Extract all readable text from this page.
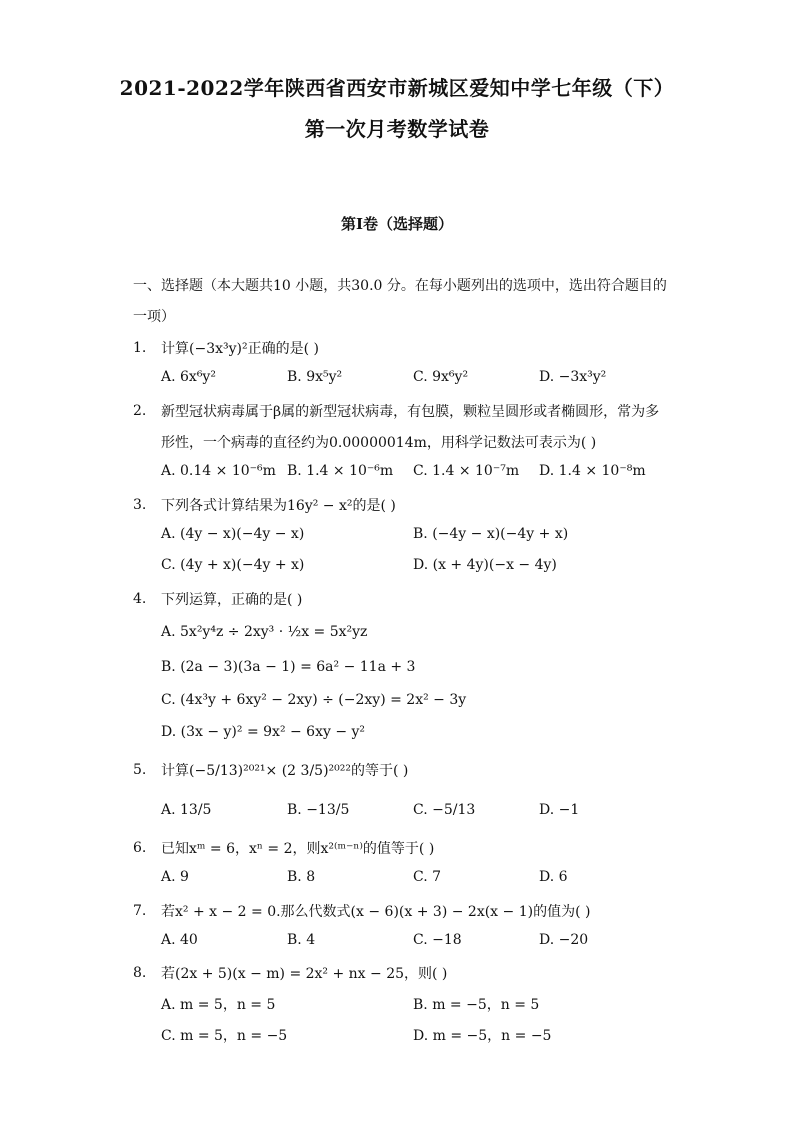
2021-2022学年陕西省西安市新城区爱知中学七年级（下）
第一次月考数学试卷
第I卷（选择题）
一、选择题（本大题共10 小题，共30.0 分。在每小题列出的选项中，选出符合题目的
一项）
1. 计算(−3x³y)²正确的是( )
A. 6x⁶y²	B. 9x⁵y²	C. 9x⁶y²	D. −3x³y²
2. 新型冠状病毒属于β属的新型冠状病毒，有包膜，颗粒呈圆形或者椭圆形，常为多
形性，一个病毒的直径约为0.00000014m，用科学记数法可表示为( )
A. 0.14 × 10⁻⁶m B. 1.4 × 10⁻⁶m C. 1.4 × 10⁻⁷m D. 1.4 × 10⁻⁸m
3. 下列各式计算结果为16y² − x²的是( )
A. (4y − x)(−4y − x)	B. (−4y − x)(−4y + x)
C. (4y + x)(−4y + x)	D. (x + 4y)(−x − 4y)
4. 下列运算，正确的是( )
A. 5x²y⁴z ÷ 2xy³ · ½x = 5x²yz
B. (2a − 3)(3a − 1) = 6a² − 11a + 3
C. (4x³y + 6xy² − 2xy) ÷ (−2xy) = 2x² − 3y
D. (3x − y)² = 9x² − 6xy − y²
5. 计算(−5/13)²⁰²¹× (2 3/5)²⁰²²的等于( )
A. 13/5	B. −13/5	C. −5/13	D. −1
6. 已知xᵐ = 6，xⁿ = 2，则x²⁽ᵐ⁻ⁿ⁾的值等于( )
A. 9	B. 8	C. 7	D. 6
7. 若x² + x − 2 = 0.那么代数式(x − 6)(x + 3) − 2x(x − 1)的值为( )
A. 40	B. 4	C. −18	D. −20
8. 若(2x + 5)(x − m) = 2x² + nx − 25，则( )
A. m = 5，n = 5	B. m = −5，n = 5
C. m = 5，n = −5	D. m = −5，n = −5
